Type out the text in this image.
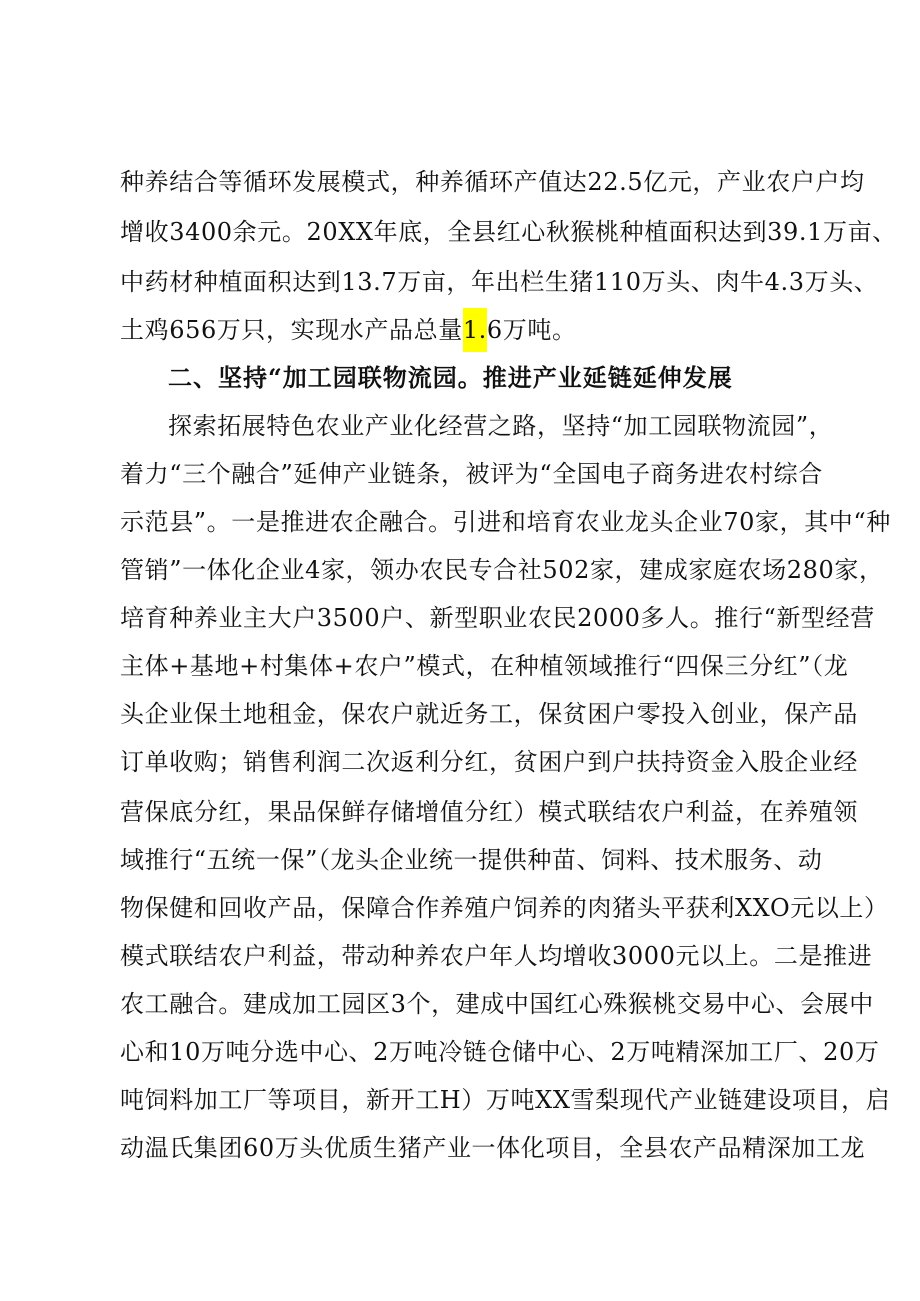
种养结合等循环发展模式，种养循环产值达22.5亿元，产业农户户均
增收3400余元。20XX年底，全县红心秋猴桃种植面积达到39.1万亩、
中药材种植面积达到13.7万亩，年出栏生猪110万头、肉牛4.3万头、
土鸡656万只，实现水产品总量1.6万吨。
二、坚持“加工园联物流园。推进产业延链延伸发展
探索拓展特色农业产业化经营之路，坚持“加工园联物流园”，
着力“三个融合”延伸产业链条，被评为“全国电子商务进农村综合
示范县”。一是推进农企融合。引进和培育农业龙头企业70家，其中“种
管销”一体化企业4家，领办农民专合社502家，建成家庭农场280家，
培育种养业主大户3500户、新型职业农民2000多人。推行“新型经营
主体+基地+村集体+农户”模式，在种植领域推行“四保三分红”（龙
头企业保土地租金，保农户就近务工，保贫困户零投入创业，保产品
订单收购；销售利润二次返利分红，贫困户到户扶持资金入股企业经
营保底分红，果品保鲜存储增值分红）模式联结农户利益，在养殖领
域推行“五统一保”（龙头企业统一提供种苗、饲料、技术服务、动
物保健和回收产品，保障合作养殖户饲养的肉猪头平获利XXO元以上）
模式联结农户利益，带动种养农户年人均增收3000元以上。二是推进
农工融合。建成加工园区3个，建成中国红心殊猴桃交易中心、会展中
心和10万吨分选中心、2万吨冷链仓储中心、2万吨精深加工厂、20万
吨饲料加工厂等项目，新开工H）万吨XX雪梨现代产业链建设项目，启
动温氏集团60万头优质生猪产业一体化项目，全县农产品精深加工龙
